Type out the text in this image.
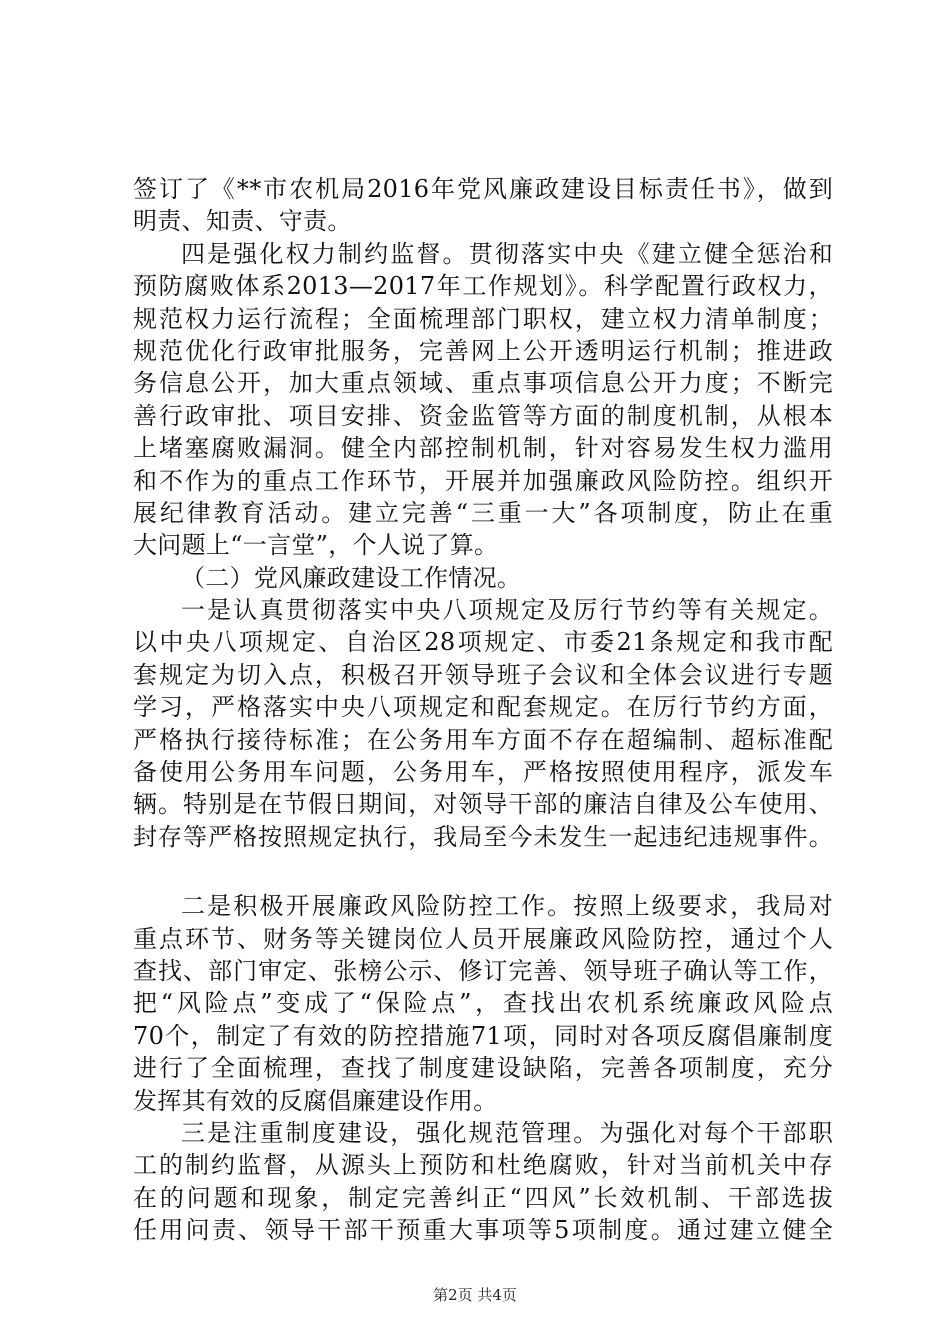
签订了《**市农机局2016年党风廉政建设目标责任书》，做到
明责、知责、守责。
四是强化权力制约监督。贯彻落实中央《建立健全惩治和
预防腐败体系2013—2017年工作规划》。科学配置行政权力，
规范权力运行流程；全面梳理部门职权，建立权力清单制度；
规范优化行政审批服务，完善网上公开透明运行机制；推进政
务信息公开，加大重点领域、重点事项信息公开力度；不断完
善行政审批、项目安排、资金监管等方面的制度机制，从根本
上堵塞腐败漏洞。健全内部控制机制，针对容易发生权力滥用
和不作为的重点工作环节，开展并加强廉政风险防控。组织开
展纪律教育活动。建立完善“三重一大”各项制度，防止在重
大问题上“一言堂”，个人说了算。
（二）党风廉政建设工作情况。
一是认真贯彻落实中央八项规定及厉行节约等有关规定。
以中央八项规定、自治区28项规定、市委21条规定和我市配
套规定为切入点，积极召开领导班子会议和全体会议进行专题
学习，严格落实中央八项规定和配套规定。在厉行节约方面，
严格执行接待标准；在公务用车方面不存在超编制、超标准配
备使用公务用车问题，公务用车，严格按照使用程序，派发车
辆。特别是在节假日期间，对领导干部的廉洁自律及公车使用、
封存等严格按照规定执行，我局至今未发生一起违纪违规事件。
二是积极开展廉政风险防控工作。按照上级要求，我局对
重点环节、财务等关键岗位人员开展廉政风险防控，通过个人
查找、部门审定、张榜公示、修订完善、领导班子确认等工作，
把“风险点”变成了“保险点”，查找出农机系统廉政风险点
70个，制定了有效的防控措施71项，同时对各项反腐倡廉制度
进行了全面梳理，查找了制度建设缺陷，完善各项制度，充分
发挥其有效的反腐倡廉建设作用。
三是注重制度建设，强化规范管理。为强化对每个干部职
工的制约监督，从源头上预防和杜绝腐败，针对当前机关中存
在的问题和现象，制定完善纠正“四风”长效机制、干部选拔
任用问责、领导干部干预重大事项等5项制度。通过建立健全
第2页 共4页
